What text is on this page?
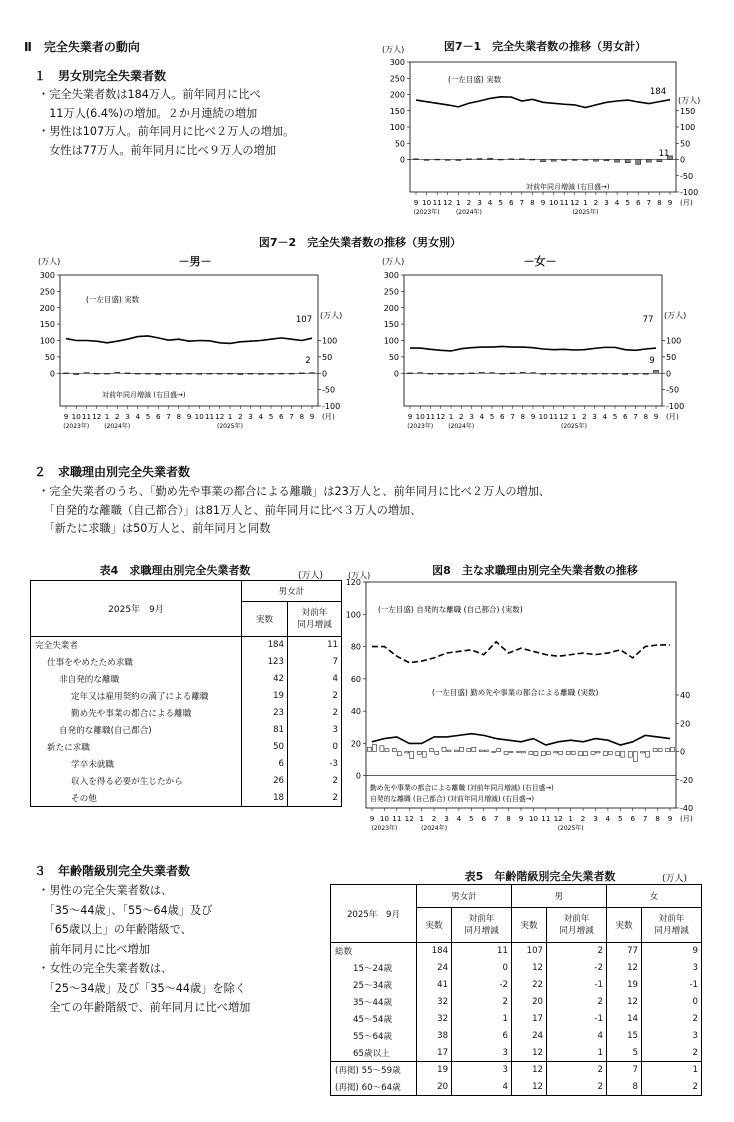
Ⅱ　完全失業者の動向
１　男女別完全失業者数
・完全失業者数は184万人。前年同月に比べ
　11万人(6.4%)の増加。２か月連続の増加
・男性は107万人。前年同月に比べ２万人の増加。
　女性は77万人。前年同月に比べ９万人の増加
図7－1　完全失業者数の推移（男女計）
(万人)
(万人)
0
50
100
150
200
250
300
-100
-50
0
50
100
150
9 10 11 12 1 2 3 4 5 6 7 8 9 10 11 12 1 2 3 4 5 6 7 8 9 (月)
(2023年)	(2024年)	(2025年)
(一左目盛) 実数
184
11
対前年同月増減 (右目盛→)
図7－2　完全失業者数の推移（男女別）
－男－	－女－
(万人)
(万人)
0
50
100
150
200
250
300
-100
-50
0
50
100
9 10 11 12 1 2 3 4 5 6 7 8 9 10 11 12 1 2 3 4 5 6 7 8 9 (月)
(2023年)	(2024年)	(2025年)
(一左目盛) 実数
107
2
対前年同月増減 (右目盛→)
(万人)
(万人)
0
50
100
150
200
250
300
-100
-50
0
50
100
9 10 11 12 1 2 3 4 5 6 7 8 9 10 11 12 1 2 3 4 5 6 7 8 9 (月)
(2023年)	(2024年)	(2025年)
77
9
２　求職理由別完全失業者数
・完全失業者のうち、「勤め先や事業の都合による離職」は23万人と、前年同月に比べ２万人の増加、
　「自発的な離職（自己都合）」は81万人と、前年同月に比べ３万人の増加、
　「新たに求職」は50万人と、前年同月と同数
表4　求職理由別完全失業者数	(万人)
2025年　9月	男女計	
	実数	対前年
同月増減
完全失業者	184	11
仕事をやめたため求職	123	7
非自発的な離職	42	4
定年又は雇用契約の満了による離職	19	2
勤め先や事業の都合による離職	23	2
自発的な離職(自己都合)	81	3
新たに求職	50	0
学卒未就職	6	-3
収入を得る必要が生じたから	26	2
その他	18	2
図8　主な求職理由別完全失業者数の推移
(万人)
0
20
40
60
80
100
120
-40
-20
0
20
40
9 10 11 12 1 2 3 4 5 6 7 8 9 10 11 12 1 2 3 4 5 6 7 8 9 (月)
(2023年)	(2024年)	(2025年)
(一左目盛) 自発的な離職 (自己都合) (実数)
(一左目盛) 勤め先や事業の都合による離職 (実数)
勤め先や事業の都合による離職 (対前年同月増減) (右目盛→)
自発的な離職 (自己都合) (対前年同月増減) (右目盛→)
３　年齢階級別完全失業者数
・男性の完全失業者数は、
　「35～44歳」、「55～64歳」及び
　「65歳以上」の年齢階級で、
　前年同月に比べ増加
・女性の完全失業者数は、
　「25～34歳」及び「35～44歳」を除く
　全ての年齢階級で、前年同月に比べ増加
表5　年齢階級別完全失業者数	(万人)
2025年　9月	男女計		男		女	
	実数	対前年
同月増減	実数	対前年
同月増減	実数	対前年
同月増減
総数	184	11	107	2	77	9
15～24歳	24	0	12	-2	12	3
25～34歳	41	-2	22	-1	19	-1
35～44歳	32	2	20	2	12	0
45～54歳	32	1	17	-1	14	2
55～64歳	38	6	24	4	15	3
65歳以上	17	3	12	1	5	2
(再掲) 55～59歳	19	3	12	2	7	1
(再掲) 60～64歳	20	4	12	2	8	2
